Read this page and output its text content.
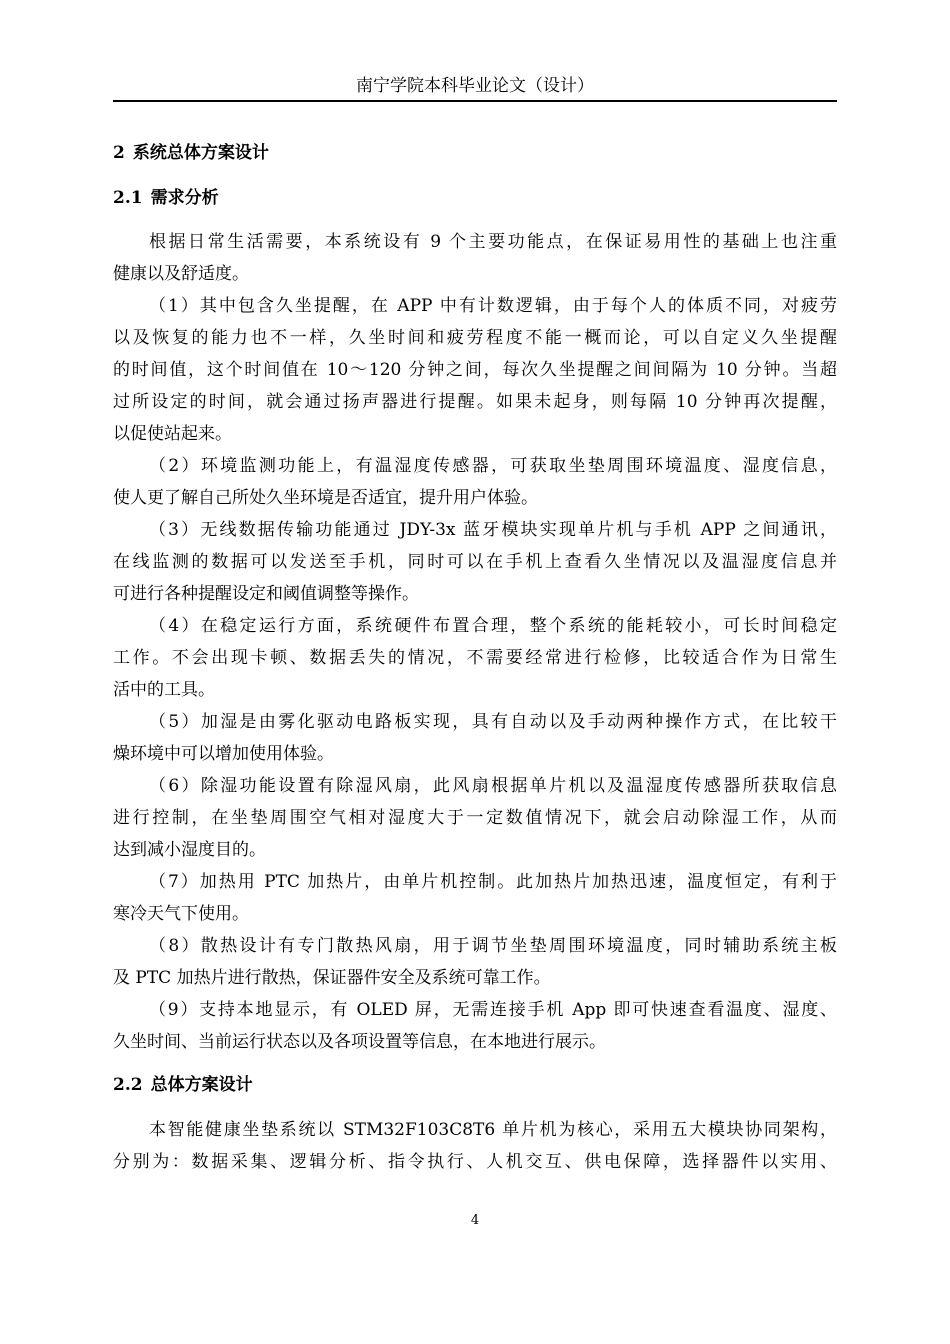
南宁学院本科毕业论文（设计）
2 系统总体方案设计
2.1 需求分析
根据日常生活需要，本系统设有 9 个主要功能点，在保证易用性的基础上也注重
健康以及舒适度。
（1）其中包含久坐提醒，在 APP 中有计数逻辑，由于每个人的体质不同，对疲劳
以及恢复的能力也不一样，久坐时间和疲劳程度不能一概而论，可以自定义久坐提醒
的时间值，这个时间值在 10～120 分钟之间，每次久坐提醒之间间隔为 10 分钟。当超
过所设定的时间，就会通过扬声器进行提醒。如果未起身，则每隔 10 分钟再次提醒，
以促使站起来。
（2）环境监测功能上，有温湿度传感器，可获取坐垫周围环境温度、湿度信息，
使人更了解自己所处久坐环境是否适宜，提升用户体验。
（3）无线数据传输功能通过 JDY-3x 蓝牙模块实现单片机与手机 APP 之间通讯，
在线监测的数据可以发送至手机，同时可以在手机上查看久坐情况以及温湿度信息并
可进行各种提醒设定和阈值调整等操作。
（4）在稳定运行方面，系统硬件布置合理，整个系统的能耗较小，可长时间稳定
工作。不会出现卡顿、数据丢失的情况，不需要经常进行检修，比较适合作为日常生
活中的工具。
（5）加湿是由雾化驱动电路板实现，具有自动以及手动两种操作方式，在比较干
燥环境中可以增加使用体验。
（6）除湿功能设置有除湿风扇，此风扇根据单片机以及温湿度传感器所获取信息
进行控制，在坐垫周围空气相对湿度大于一定数值情况下，就会启动除湿工作，从而
达到减小湿度目的。
（7）加热用 PTC 加热片，由单片机控制。此加热片加热迅速，温度恒定，有利于
寒冷天气下使用。
（8）散热设计有专门散热风扇，用于调节坐垫周围环境温度，同时辅助系统主板
及 PTC 加热片进行散热，保证器件安全及系统可靠工作。
（9）支持本地显示，有 OLED 屏，无需连接手机 App 即可快速查看温度、湿度、
久坐时间、当前运行状态以及各项设置等信息，在本地进行展示。
2.2 总体方案设计
本智能健康坐垫系统以 STM32F103C8T6 单片机为核心，采用五大模块协同架构，
分别为：数据采集、逻辑分析、指令执行、人机交互、供电保障，选择器件以实用、
4
